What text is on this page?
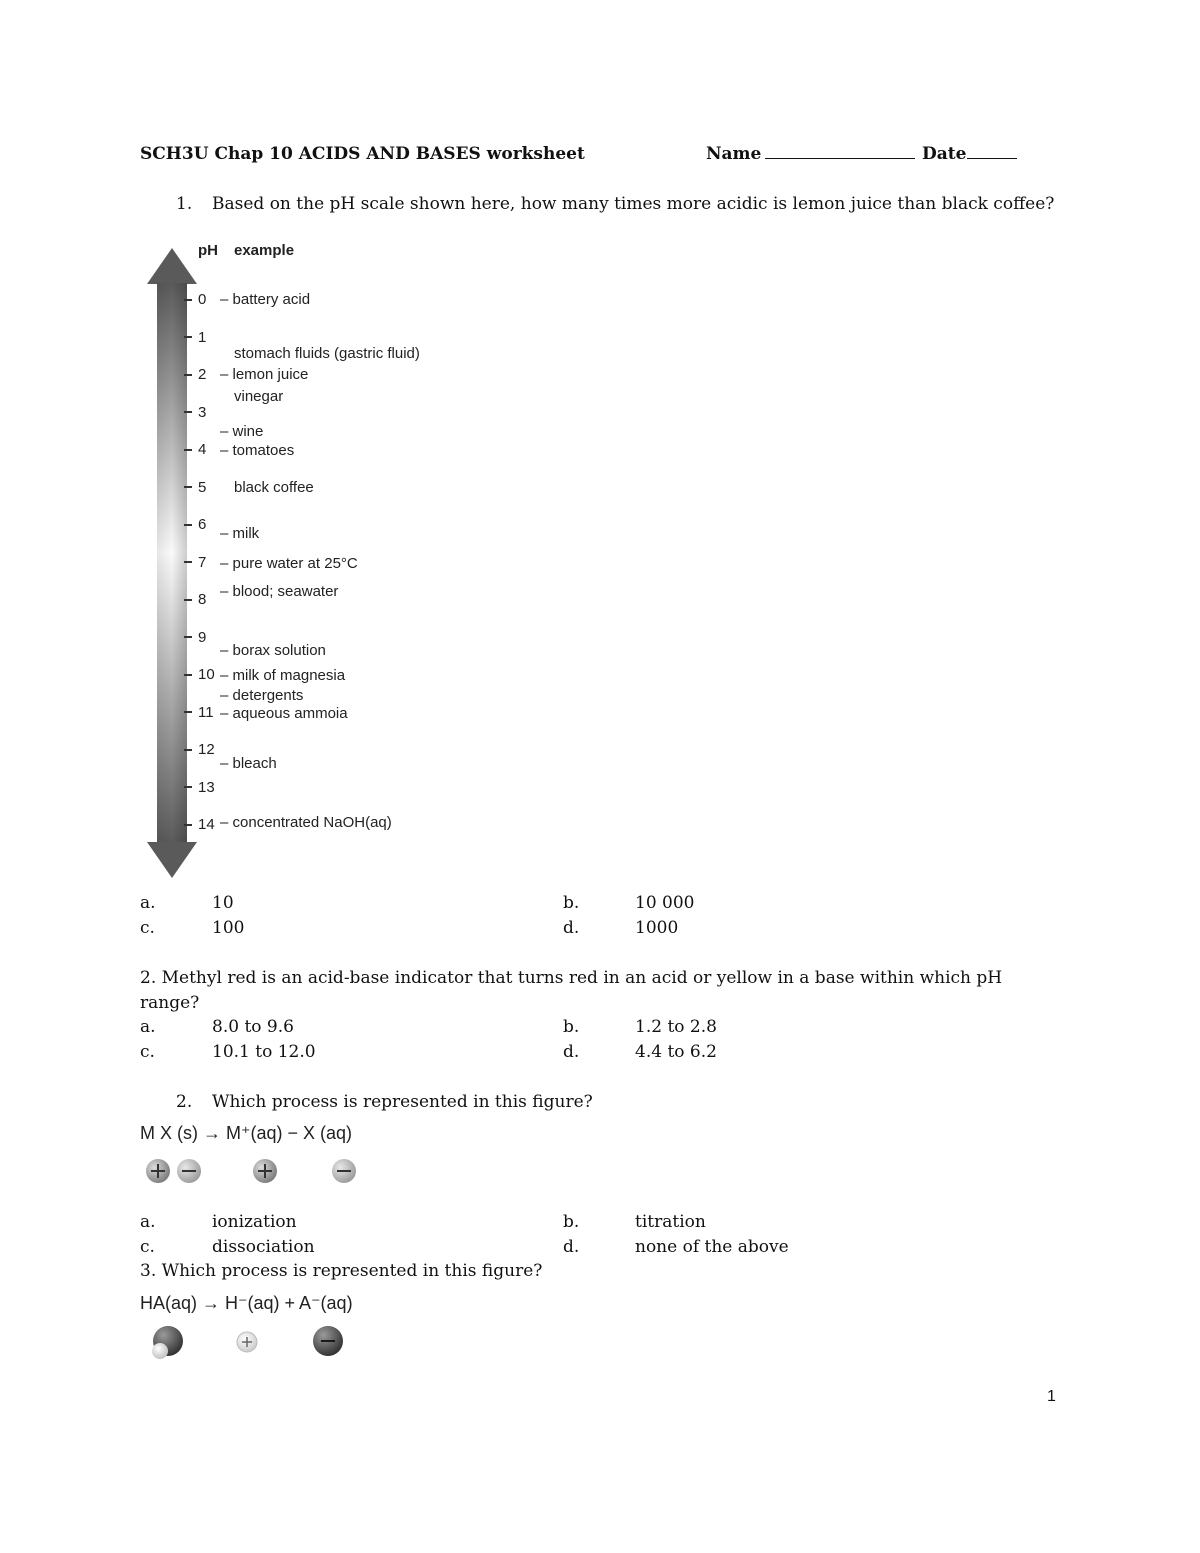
SCH3U Chap 10 ACIDS AND BASES worksheet	Name	Date
1. Based on the pH scale shown here, how many times more acidic is lemon juice than black coffee?
pH example
0
1
2
3
4
5
6
7
8
9
10
11
12
13
14
– battery acid
stomach fluids (gastric fluid)
– lemon juice
vinegar
– wine
– tomatoes
black coffee
– milk
– pure water at 25°C
– blood; seawater
– borax solution
– milk of magnesia
– detergents
– aqueous ammoia
– bleach
– concentrated NaOH(aq)
a.	10	b.	10 000
c.	100	d.	1000
2. Methyl red is an acid-base indicator that turns red in an acid or yellow in a base within which pH
range?
a.	8.0 to 9.6	b.	1.2 to 2.8
c.	10.1 to 12.0	d.	4.4 to 6.2
2. Which process is represented in this figure?
M X (s) → M⁺(aq) − X (aq)
a.	ionization	b.	titration
c.	dissociation	d.	none of the above
3. Which process is represented in this figure?
HA(aq) → H⁻(aq) + A⁻(aq)
1
